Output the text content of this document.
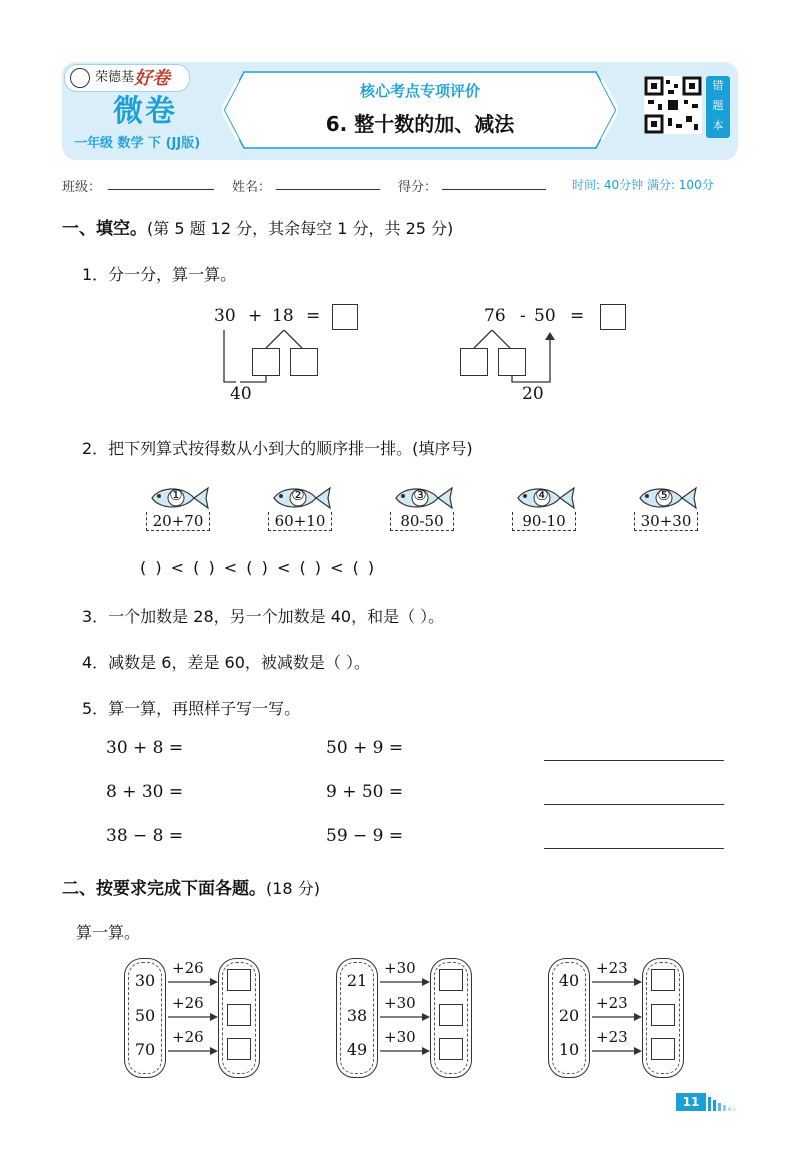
荣德基 好卷
微卷
一年级 数学 下 (JJ版)
核心考点专项评价
6. 整十数的加、减法
错
题
本
班级：	姓名：	得分：	时间: 40分钟 满分: 100分
一、填空。(第 5 题 12 分，其余每空 1 分，共 25 分)
1．分一分，算一算。
30 + 18 =
40
76 - 50 =
20
2．把下列算式按得数从小到大的顺序排一排。(填序号)
①
20+70
②
60+10
③
80-50
④
90-10
⑤
30+30
( ) < ( ) < ( ) < ( ) < ( )
3．一个加数是 28，另一个加数是 40，和是（ ）。
4．减数是 6，差是 60，被减数是（ ）。
5．算一算，再照样子写一写。
30 + 8 =
8 + 30 =
38 − 8 =
50 + 9 =
9 + 50 =
59 − 9 =
二、按要求完成下面各题。(18 分)
算一算。
30
+26
50
+26
70
+26
21
+30
38
+30
49
+30
40
+23
20
+23
10
+23
11
